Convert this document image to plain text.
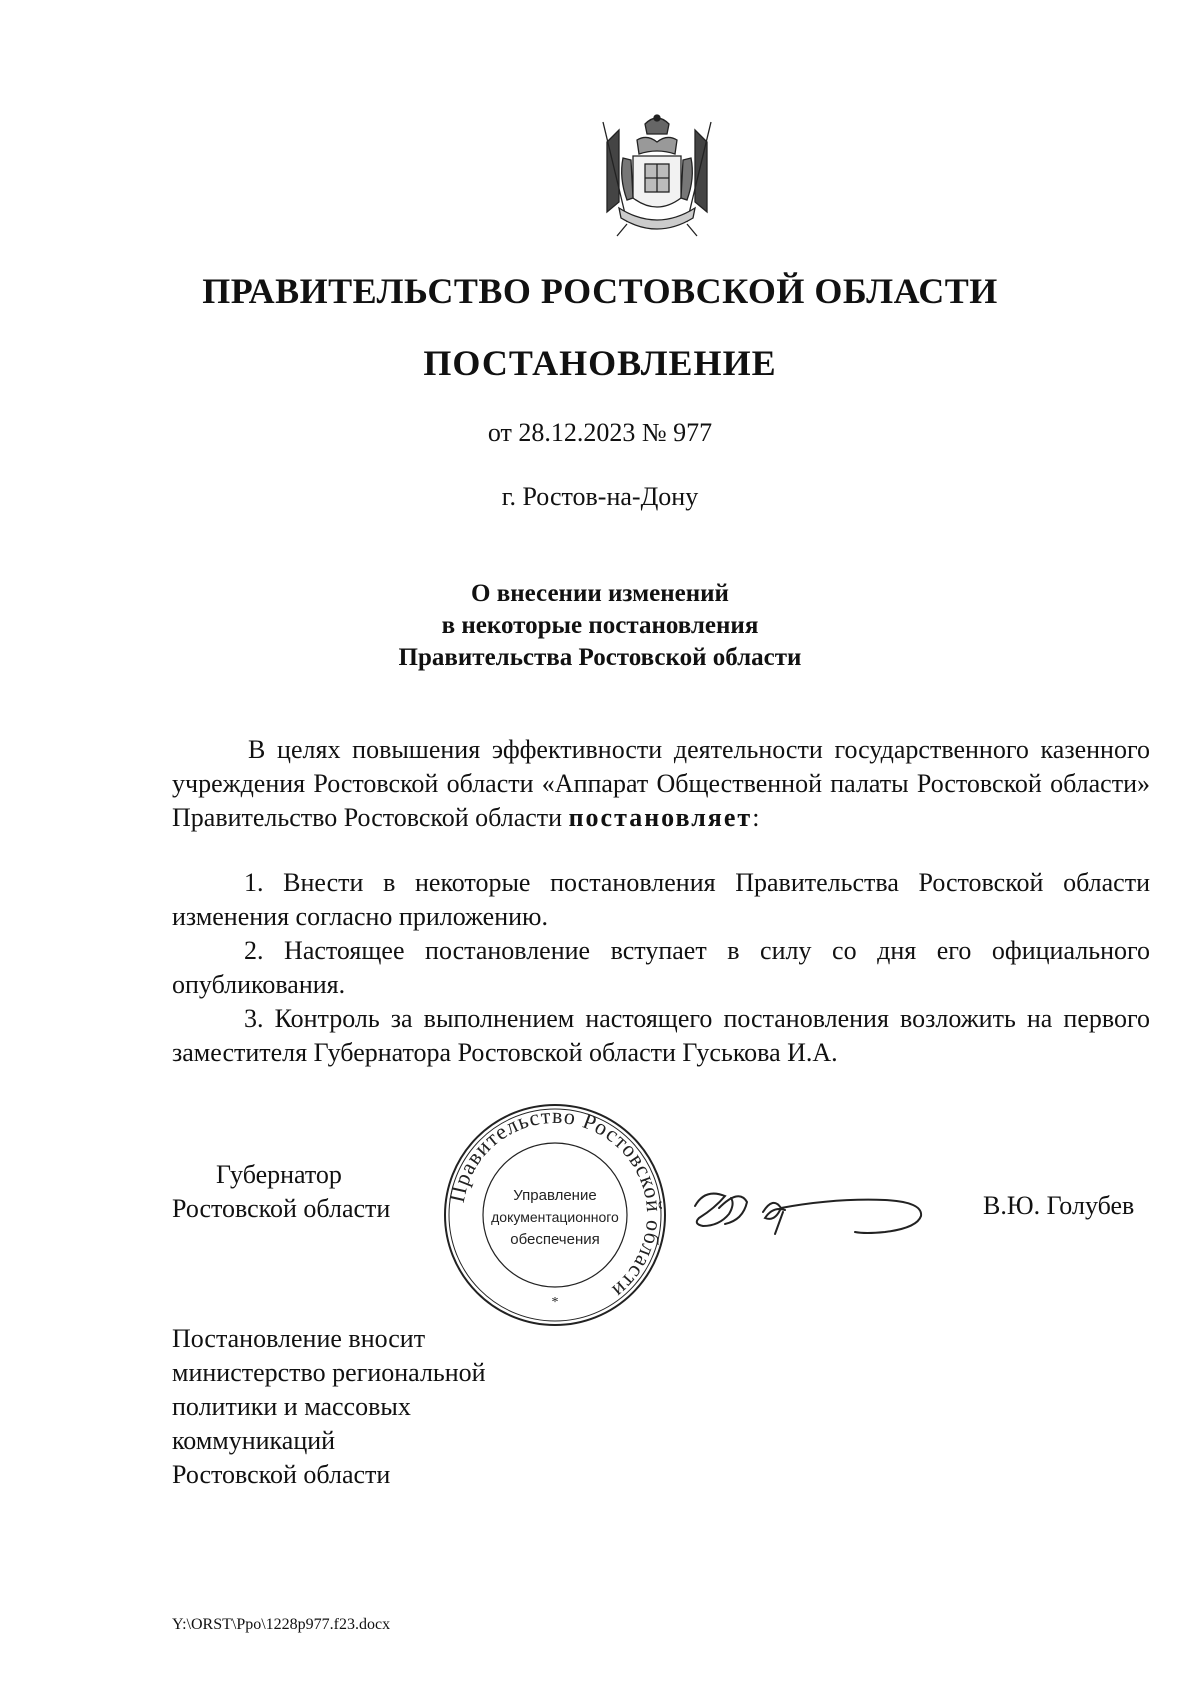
ПРАВИТЕЛЬСТВО РОСТОВСКОЙ ОБЛАСТИ
ПОСТАНОВЛЕНИЕ
от 28.12.2023 № 977
г. Ростов-на-Дону
О внесении изменений
в некоторые постановления
Правительства Ростовской области
В целях повышения эффективности деятельности государственного казенного учреждения Ростовской области «Аппарат Общественной палаты Ростовской области» Правительство Ростовской области постановляет:

1. Внести в некоторые постановления Правительства Ростовской области изменения согласно приложению.

2. Настоящее постановление вступает в силу со дня его официального опубликования.

3. Контроль за выполнением настоящего постановления возложить на первого заместителя Губернатора Ростовской области Гуськова И.А.

Губернатор
Ростовской области
Правительство Ростовской области
Управление
документационного
обеспечения
*
В.Ю. Голубев
Постановление вносит
министерство региональной
политики и массовых
коммуникаций
Ростовской области
Y:\ORST\Ppo\1228p977.f23.docx
